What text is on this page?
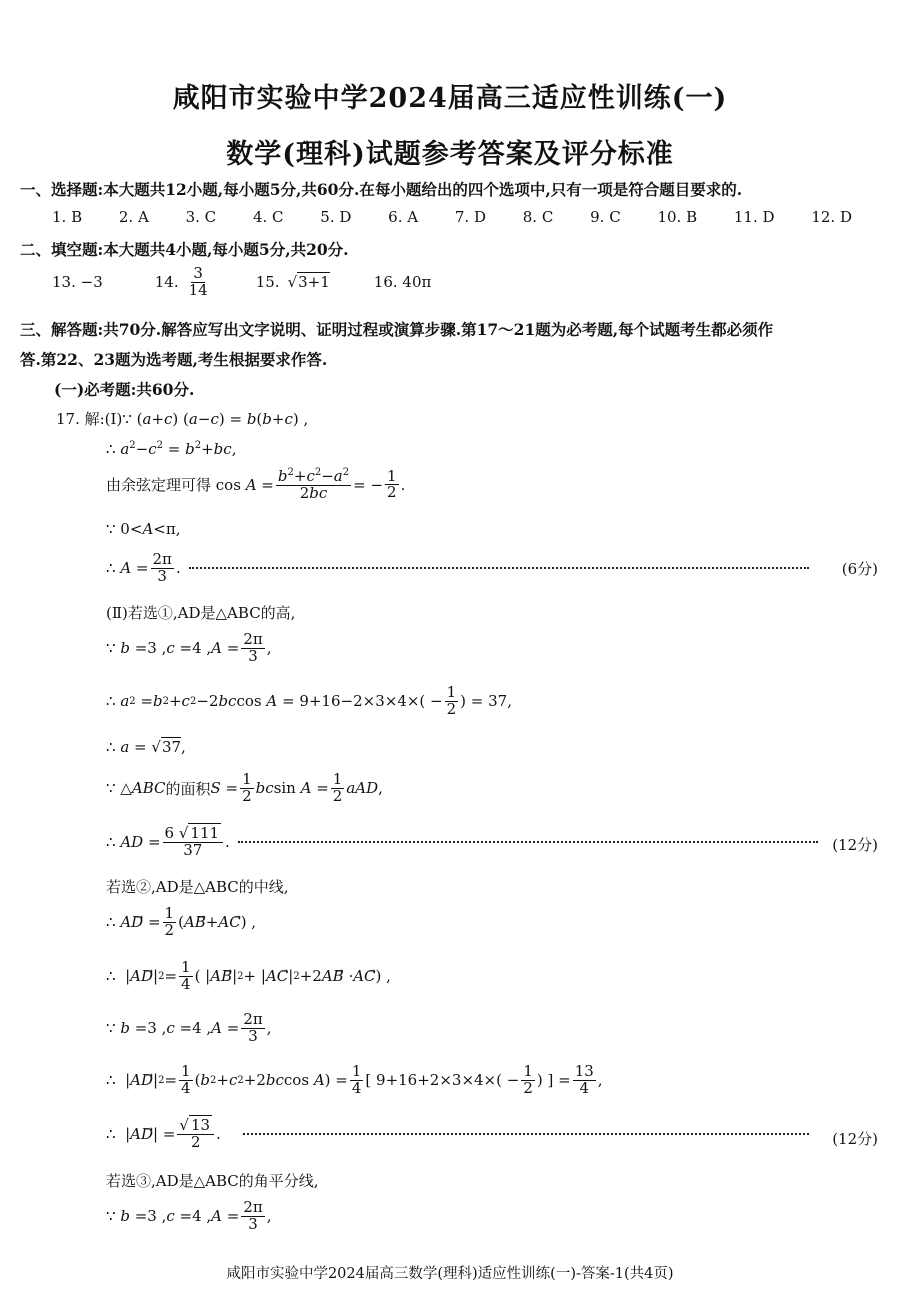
咸阳市实验中学2024届高三适应性训练(一)
数学(理科)试题参考答案及评分标准
一、选择题:本大题共12小题,每小题5分,共60分.在每小题给出的四个选项中,只有一项是符合题目要求的.
1. B 2. A 3. C 4. C 5. D 6. A 7. D 8. C 9. C 10. B 11. D 12. D
二、填空题:本大题共4小题,每小题5分,共20分.
13. −3	14. $\frac{3}{14}$	15. √3+1	16. 40π
三、解答题:共70分.解答应写出文字说明、证明过程或演算步骤.第17～21题为必考题,每个试题考生都必须作
答.第22、23题为选考题,考生根据要求作答.
(一)必考题:共60分.
17. 解:(Ⅰ)∵ (a+c) (a−c) = b(b+c) ,
∴ $a^2-c^2 = b^2+bc$,
由余弦定理可得 $\cos A = \frac{b^2+c^2-a^2}{2bc}$ = − $\frac{1}{2}$ .
∵ 0<A<π,
∴ $A = \frac{2\pi}{3}$ .	(6分)
(Ⅱ)若选①,AD是△ABC的高,
∵ b =3 , c =4 , $A = \frac{2\pi}{3}$ ,
∴ a 2 = b 2 + c 2 −2 bc $\cos A = 9+16-2\times 3\times 4\times( - \frac{1}{2}$ ) = 37,
∴ a = √37,
∵ △ ABC 的面积 $S = \frac{1}{2}$ bc $\sin A = \frac{1}{2}$ aAD ,
∴ AD = $\frac{6 √ 111}{37}$ .	(12分)
若选②,AD是△ABC的中线,
∴ AD ⃗ = $\frac{1}{2}$ ( AB ⃗+ AC ⃗) ,
∴  | AD ⃗| $2 = \frac{1}{4}$ ( | AB ⃗| 2 + | AC ⃗| 2 +2 AB ⃗ · AC ⃗) ,
∵ b =3 , c =4 , $A = \frac{2\pi}{3}$ ,
∴  | AD ⃗| $2 = \frac{1}{4}$ ( b 2 + c 2 +2 bc cos A ) = $\frac{1}{4}$ [ $9+16+2\times 3\times 4\times( - \frac{1}{2}$ ) ] = $\frac{13}{4}$ ,
∴  | AD ⃗| = $\frac{√ 13}{2}$ .	(12分)
若选③,AD是△ABC的角平分线,
∵ b =3 , c =4 , $A = \frac{2\pi}{3}$ ,
咸阳市实验中学2024届高三数学(理科)适应性训练(一)-答案-1(共4页)
